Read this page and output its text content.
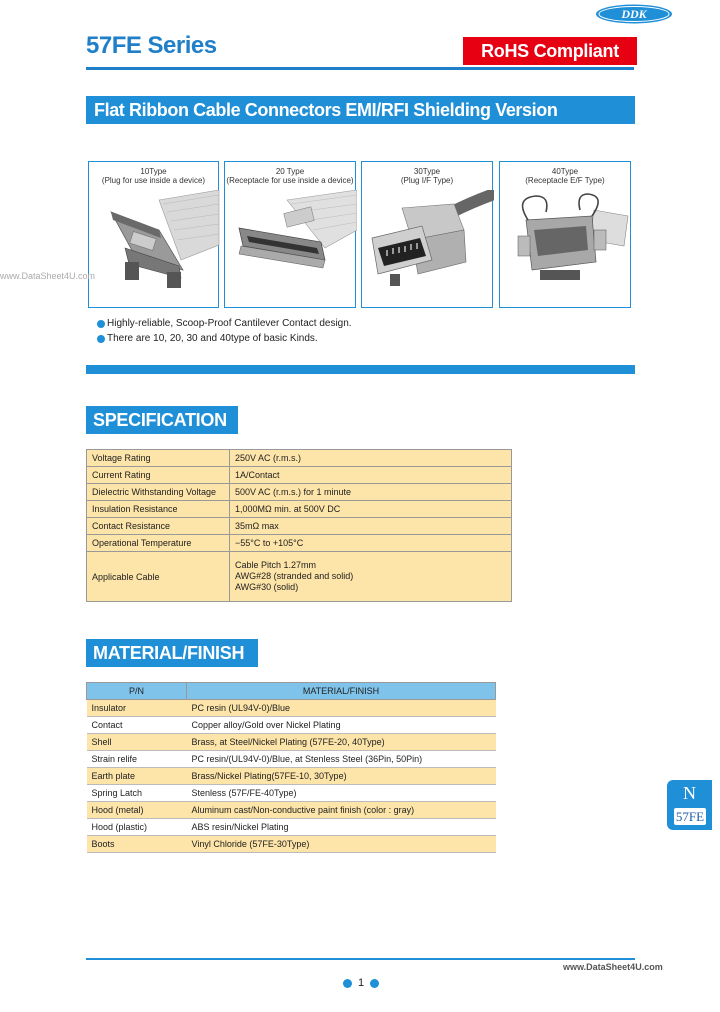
57FE Series	RoHS Compliant
DDK
Flat Ribbon Cable Connectors EMI/RFI Shielding Version
10Type
(Plug for use inside a device)
20 Type
(Receptacle for use inside a device)
30Type
(Plug I/F Type)
40Type
(Receptacle E/F Type)
www.DataSheet4U.com
Highly-reliable, Scoop-Proof Cantilever Contact design.
There are 10, 20, 30 and 40type of basic Kinds.
SPECIFICATION
Voltage Rating	250V AC (r.m.s.)
Current Rating	1A/Contact
Dielectric Withstanding Voltage	500V AC (r.m.s.) for 1 minute
Insulation Resistance	1,000MΩ min. at 500V DC
Contact Resistance	35mΩ max
Operational Temperature	−55°C to +105°C
Applicable Cable	Cable Pitch 1.27mm
AWG#28 (stranded and solid)
AWG#30 (solid)
MATERIAL/FINISH
P/N	MATERIAL/FINISH
Insulator	PC resin (UL94V-0)/Blue
Contact	Copper alloy/Gold over Nickel Plating
Shell	Brass, at Steel/Nickel Plating (57FE-20, 40Type)
Strain relife	PC resin/(UL94V-0)/Blue, at Stenless Steel (36Pin, 50Pin)
Earth plate	Brass/Nickel Plating(57FE-10, 30Type)
Spring Latch	Stenless (57F/FE-40Type)
Hood (metal)	Aluminum cast/Non-conductive paint finish (color : gray)
Hood (plastic)	ABS resin/Nickel Plating
Boots	Vinyl Chloride (57FE-30Type)
N
57FE
www.DataSheet4U.com
1
